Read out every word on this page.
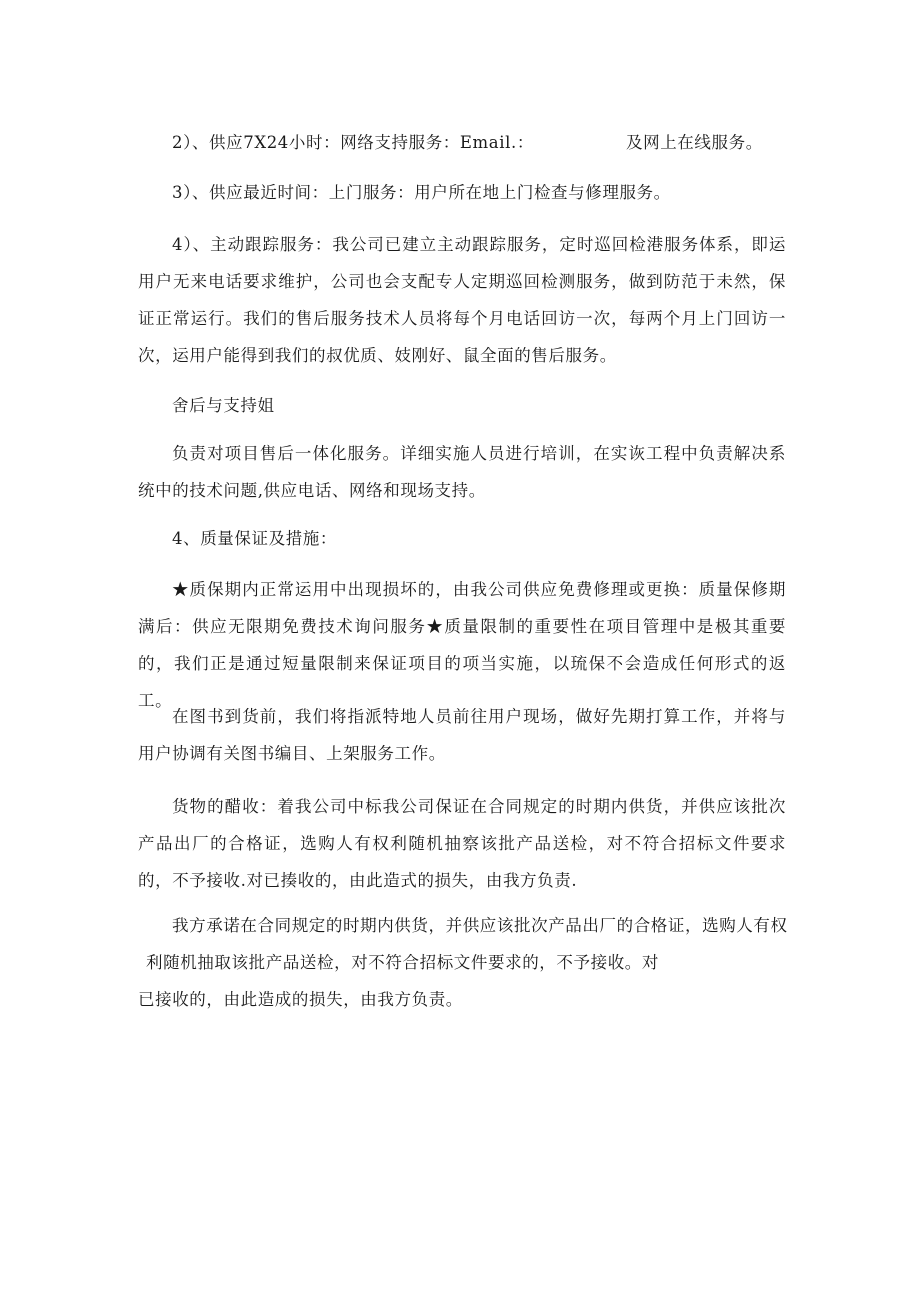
2）、供应7X24小时：网络支持服务：Email.：	及网上在线服务。
3）、供应最近时间：上门服务：用户所在地上门检查与修理服务。
4）、主动跟踪服务：我公司已建立主动跟踪服务，定时巡回检港服务体系，即运用户无来电话要求维护，公司也会支配专人定期巡回检测服务，做到防范于未然，保证正常运行。我们的售后服务技术人员将每个月电话回访一次，每两个月上门回访一次，运用户能得到我们的叔优质、妓刚好、鼠全面的售后服务。
舍后与支持姐
负责对项目售后一体化服务。详细实施人员进行培训，在实诙工程中负责解决系统中的技术问题,供应电话、网络和现场支持。
4、质量保证及措施：
★质保期内正常运用中出现损坏的，由我公司供应免费修理或更换：质量保修期满后：供应无限期免费技术询问服务★质量限制的重要性在项目管理中是极其重要的，我们正是通过短量限制来保证项目的项当实施，以琉保不会造成任何形式的返工。
在图书到货前，我们将指派特地人员前往用户现场，做好先期打算工作，并将与用户协调有关图书编目、上架服务工作。
货物的醋收：着我公司中标我公司保证在合同规定的时期内供货，并供应该批次产品出厂的合格证，选购人有权利随机抽察该批产品送检，对不符合招标文件要求的，不予接收.对已揍收的，由此造式的损失，由我方负责.
我方承诺在合同规定的时期内供货，并供应该批次产品出厂的合格证，选购人有权
利随机抽取该批产品送检，对不符合招标文件要求的，不予接收。对
已接收的，由此造成的损失，由我方负责。
